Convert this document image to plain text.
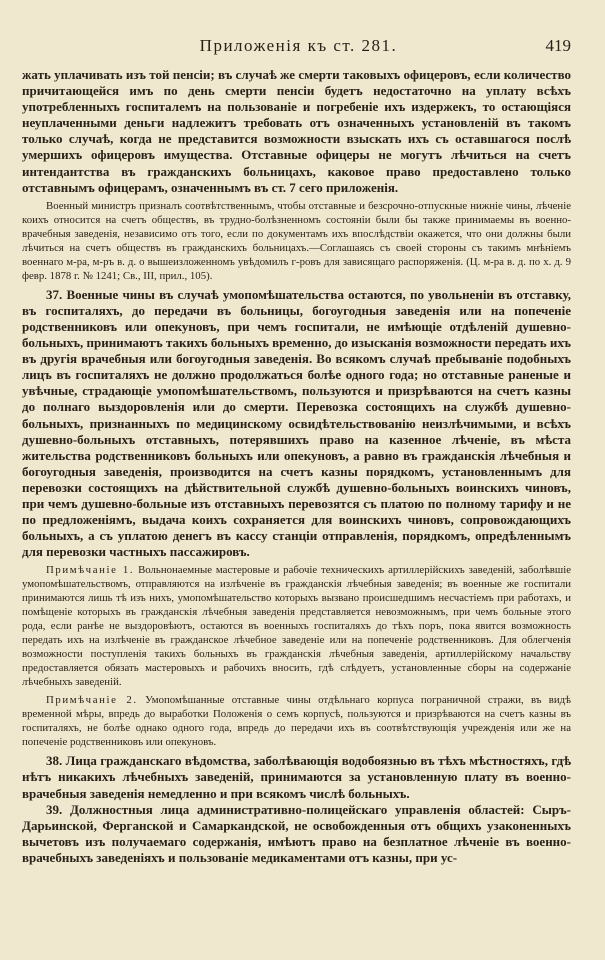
Приложенія къ ст. 281.	419

жать уплачивать изъ той пенсіи; въ случаѣ же смерти таковыхъ офицеровъ, если количество причитающейся имъ по день смерти пенсіи будетъ недостаточно на уплату всѣхъ употребленныхъ госпиталемъ на пользованіе и погребеніе ихъ издержекъ, то остающіяся неуплаченными деньги надлежитъ требовать отъ означенныхъ установленій въ такомъ только случаѣ, когда не представится возможности взыскать ихъ съ оставшагося послѣ умершихъ офицеровъ имущества. Отставные офицеры не могутъ лѣчиться на счетъ интендантства въ гражданскихъ больницахъ, каковое право предоставлено только отставнымъ офицерамъ, означеннымъ въ ст. 7 сего приложенія.

Военный министръ призналъ соотвѣтственнымъ, чтобы отставные и безсрочно-отпускные нижніе чины, лѣченіе коихъ относится на счетъ обществъ, въ трудно-болѣзненномъ состояніи были бы также принимаемы въ военно-врачебныя заведенія, независимо отъ того, если по документамъ ихъ впослѣдствіи окажется, что они должны были лѣчиться на счетъ обществъ въ гражданскихъ больницахъ.—Соглашаясь съ своей стороны съ такимъ мнѣніемъ военнаго м-ра, м-ръ в. д. о вышеизложенномъ увѣдомилъ г-ровъ для зависящаго распоряженія. (Ц. м-ра в. д. по х. д. 9 февр. 1878 г. № 1241; Св., III, прил., 105).

37. Военные чины въ случаѣ умопомѣшательства остаются, по увольненіи въ отставку, въ госпиталяхъ, до передачи въ больницы, богоугодныя заведенія или на попеченіе родственниковъ или опекуновъ, при чемъ госпитали, не имѣющіе отдѣленій душевно-больныхъ, принимаютъ такихъ больныхъ временно, до изысканія возможности передать ихъ въ другія врачебныя или богоугодныя заведенія. Во всякомъ случаѣ пребываніе подобныхъ лицъ въ госпиталяхъ не должно продолжаться болѣе одного года; но отставные раненые и увѣчные, страдающіе умопомѣшательствомъ, пользуются и призрѣваются на счетъ казны до полнаго выздоровленія или до смерти. Перевозка состоящихъ на службѣ душевно-больныхъ, признанныхъ по медицинскому освидѣтельствованію неизлѣчимыми, и всѣхъ душевно-больныхъ отставныхъ, потерявшихъ право на казенное лѣченіе, въ мѣста жительства родственниковъ больныхъ или опекуновъ, а равно въ гражданскія лѣчебныя и богоугодныя заведенія, производится на счетъ казны порядкомъ, установленнымъ для перевозки состоящихъ на дѣйствительной службѣ душевно-больныхъ воинскихъ чиновъ, при чемъ душевно-больные изъ отставныхъ перевозятся съ платою по полному тарифу и не по предложеніямъ, выдача коихъ сохраняется для воинскихъ чиновъ, сопровождающихъ больныхъ, а съ уплатою денегъ въ кассу станціи отправленія, порядкомъ, опредѣленнымъ для перевозки частныхъ пассажировъ.

Примѣчаніе 1. Вольнонаемные мастеровые и рабочіе техническихъ артиллерійскихъ заведеній, заболѣвшіе умопомѣшательствомъ, отправляются на излѣченіе въ гражданскія лѣчебныя заведенія; въ военные же госпитали принимаются лишь тѣ изъ нихъ, умопомѣшательство которыхъ вызвано происшедшимъ несчастіемъ при работахъ, и помѣщеніе которыхъ въ гражданскія лѣчебныя заведенія представляется невозможнымъ, при чемъ больные этого рода, если ранѣе не выздоровѣютъ, остаются въ военныхъ госпиталяхъ до тѣхъ поръ, пока явится возможность передать ихъ на излѣченіе въ гражданское лѣчебное заведеніе или на попеченіе родственниковъ. Для облегченія возможности поступленія такихъ больныхъ въ гражданскія лѣчебныя заведенія, артиллерійскому начальству предоставляется обязать мастеровыхъ и рабочихъ вносить, гдѣ слѣдуетъ, установленные сборы на содержаніе лѣчебныхъ заведеній.

Примѣчаніе 2. Умопомѣшанные отставные чины отдѣльнаго корпуса пограничной стражи, въ видѣ временной мѣры, впредь до выработки Положенія о семъ корпусѣ, пользуются и призрѣваются на счетъ казны въ госпиталяхъ, не болѣе однако одного года, впредь до передачи ихъ въ соотвѣтствующія учрежденія или же на попеченіе родственниковъ или опекуновъ.

38. Лица гражданскаго вѣдомства, заболѣвающія водобоязнью въ тѣхъ мѣстностяхъ, гдѣ нѣтъ никакихъ лѣчебныхъ заведеній, принимаются за установленную плату въ военно-врачебныя заведенія немедленно и при всякомъ числѣ больныхъ.

39. Должностныя лица административно-полицейскаго управленія областей: Сыръ-Дарьинской, Ферганской и Самаркандской, не освобожденныя отъ общихъ узаконенныхъ вычетовъ изъ получаемаго содержанія, имѣютъ право на безплатное лѣченіе въ военно-врачебныхъ заведеніяхъ и пользованіе медикаментами отъ казны, при ус-
